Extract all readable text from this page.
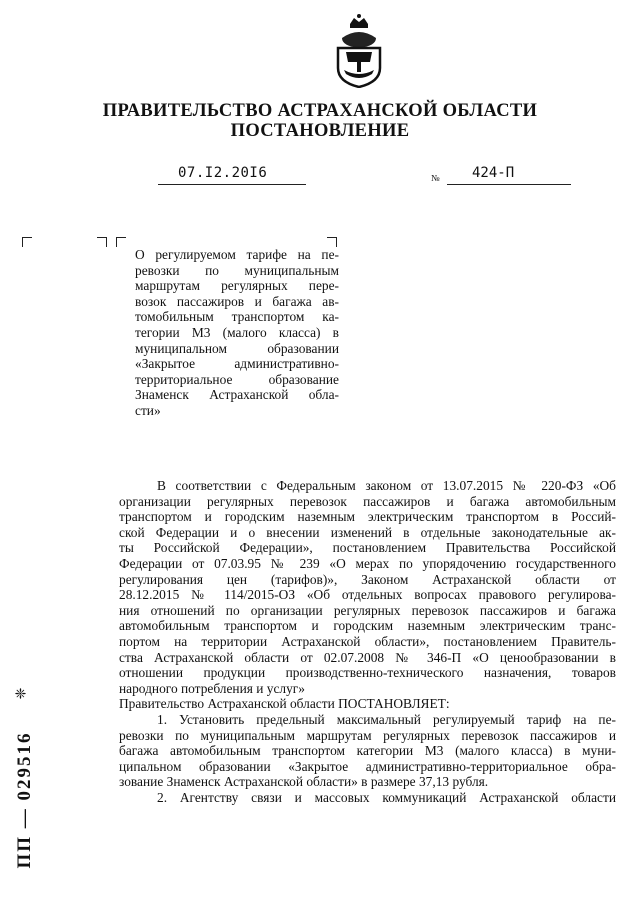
ПРАВИТЕЛЬСТВО АСТРАХАНСКОЙ ОБЛАСТИ
ПОСТАНОВЛЕНИЕ
07.I2.20I6	№ 424-П
О регулируемом тарифе на пе-
ревозки по муниципальным
маршрутам регулярных пере-
возок пассажиров и багажа ав-
томобильным транспортом ка-
тегории М3 (малого класса) в
муниципальном образовании
«Закрытое административно-
территориальное образование
Знаменск Астраханской обла-
сти»
В соответствии с Федеральным законом от 13.07.2015 № 220-ФЗ «Об
организации регулярных перевозок пассажиров и багажа автомобильным
транспортом и городским наземным электрическим транспортом в Россий-
ской Федерации и о внесении изменений в отдельные законодательные ак-
ты Российской Федерации», постановлением Правительства Российской
Федерации от 07.03.95 № 239 «О мерах по упорядочению государственного
регулирования цен (тарифов)», Законом Астраханской области от
28.12.2015 № 114/2015-ОЗ «Об отдельных вопросах правового регулирова-
ния отношений по организации регулярных перевозок пассажиров и багажа
автомобильным транспортом и городским наземным электрическим транс-
портом на территории Астраханской области», постановлением Правитель-
ства Астраханской области от 02.07.2008 № 346-П «О ценообразовании в
отношении продукции производственно-технического назначения, товаров
народного потребления и услуг»
Правительство Астраханской области ПОСТАНОВЛЯЕТ:
1. Установить предельный максимальный регулируемый тариф на пе-
ревозки по муниципальным маршрутам регулярных перевозок пассажиров и
багажа автомобильным транспортом категории М3 (малого класса) в муни-
ципальном образовании «Закрытое административно-территориальное обра-
зование Знаменск Астраханской области» в размере 37,13 рубля.
2. Агентству связи и массовых коммуникаций Астраханской области
ПП — 029516
❈
